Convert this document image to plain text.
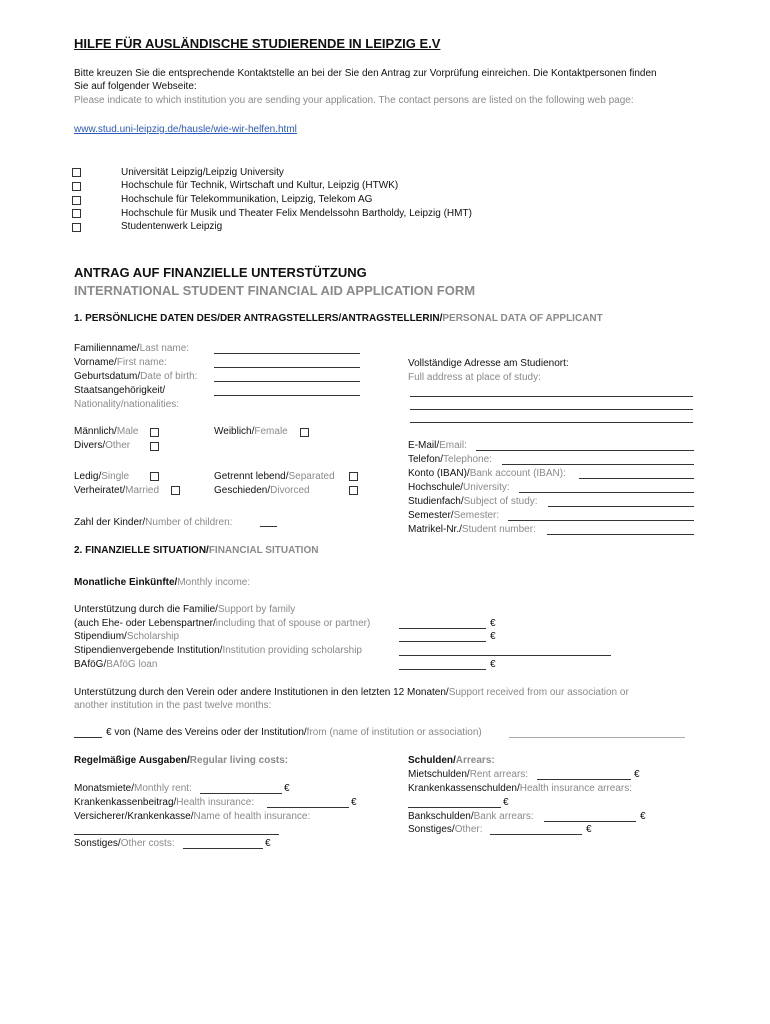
HILFE FÜR AUSLÄNDISCHE STUDIERENDE IN LEIPZIG E.V
Bitte kreuzen Sie die entsprechende Kontaktstelle an bei der Sie den Antrag zur Vorprüfung einreichen. Die Kontaktpersonen finden
Sie auf folgender Webseite:
Please indicate to which institution you are sending your application. The contact persons are listed on the following web page:
www.stud.uni-leipzig.de/hausle/wie-wir-helfen.html
Universität Leipzig/Leipzig University
Hochschule für Technik, Wirtschaft und Kultur, Leipzig (HTWK)
Hochschule für Telekommunikation, Leipzig, Telekom AG
Hochschule für Musik und Theater Felix Mendelssohn Bartholdy, Leipzig (HMT)
Studentenwerk Leipzig
ANTRAG AUF FINANZIELLE UNTERSTÜTZUNG
INTERNATIONAL STUDENT FINANCIAL AID APPLICATION FORM
1. PERSÖNLICHE DATEN DES/DER ANTRAGSTELLERS/ANTRAGSTELLERIN/PERSONAL DATA OF APPLICANT
Familienname/Last name:
Vorname/First name:
Geburtsdatum/Date of birth:
Staatsangehörigkeit/
Nationality/nationalities:
Vollständige Adresse am Studienort:
Full address at place of study:
Männlich/Male	Weiblich/Female
Divers/Other
Ledig/Single	Getrennt lebend/Separated
Verheiratet/Married	Geschieden/Divorced
Zahl der Kinder/Number of children:
E-Mail/Email:
Telefon/Telephone:
Konto (IBAN)/Bank account (IBAN):
Hochschule/University:
Studienfach/Subject of study:
Semester/Semester:
Matrikel-Nr./Student number:
2. FINANZIELLE SITUATION/FINANCIAL SITUATION
Monatliche Einkünfte/Monthly income:
Unterstützung durch die Familie/Support by family
(auch Ehe- oder Lebenspartner/including that of spouse or partner)	€
Stipendium/Scholarship	€
Stipendienvergebende Institution/Institution providing scholarship
BAföG/BAföG loan	€
Unterstützung durch den Verein oder andere Institutionen in den letzten 12 Monaten/Support received from our association or
another institution in the past twelve months:
€ von (Name des Vereins oder der Institution/from (name of institution or association)
Regelmäßige Ausgaben/Regular living costs:
Monatsmiete/Monthly rent:	€
Krankenkassenbeitrag/Health insurance:	€
Versicherer/Krankenkasse/Name of health insurance:
Sonstiges/Other costs:	€
Schulden/Arrears:
Mietschulden/Rent arrears:	€
Krankenkassenschulden/Health insurance arrears:
€
Bankschulden/Bank arrears:	€
Sonstiges/Other:	€
